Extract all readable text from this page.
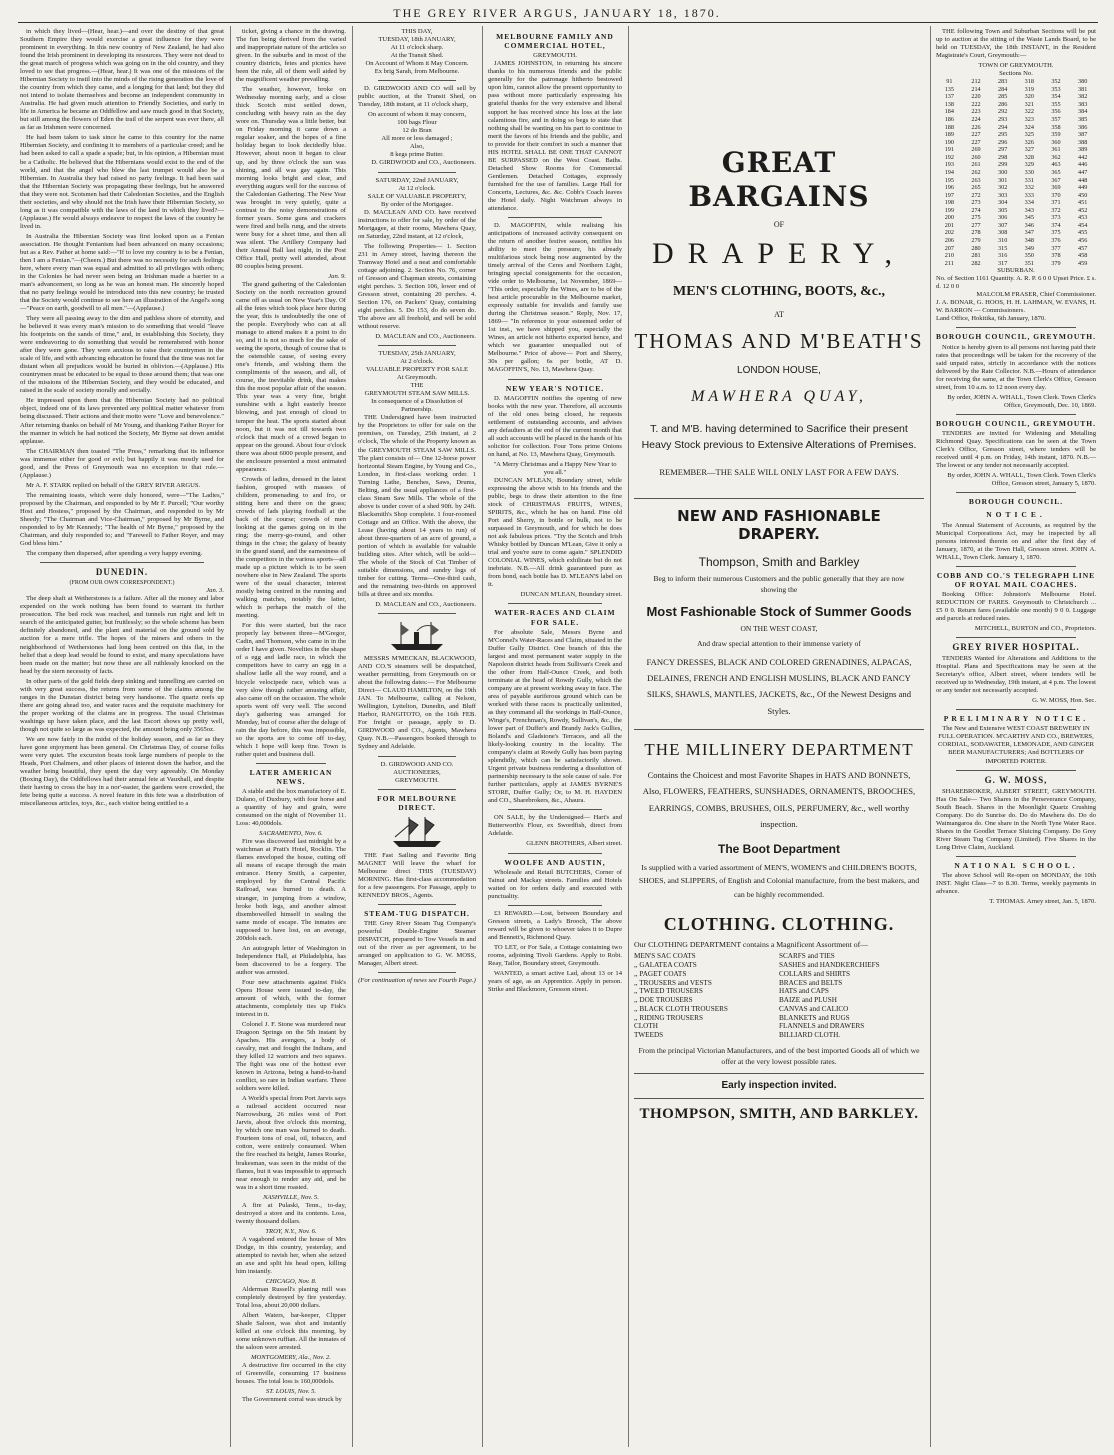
THE GREY RIVER ARGUS, JANUARY 18, 1870.

in which they lived—(Hear, hear.)—and over the destiny of that great Southern Empire they would exercise a great influence for they were prominent in everything. In this new country of New Zealand, he had also found the Irish prominent in developing its resources. They were not dead to the great march of progress which was going on in the old country, and they loved to see that progress.—(Hear, hear.) It was one of the missions of the Hibernian Society to instil into the minds of the rising generation the love of the country from which they came, and a longing for that land; but they did not intend to isolate themselves and become an independent community in Australia. He had given much attention to Friendly Societies, and early in life in America he became an Oddfellow and saw much good in that Society, but still among the flowers of Eden the trail of the serpent was ever there, all as far as Irishmen were concerned.

He had been taken to task since he came to this country for the name Hibernian Society, and confining it to members of a particular creed; and he had been asked to call a spade a spade; but, in his opinion, a Hibernian must be a Catholic. He believed that the Hibernians would exist to the end of the world, and that the angel who blew the last trumpet would also be a Hibernian. In Australia they had raised no party feelings. It had been said that the Hibernian Society was propagating these feelings, but he answered that they were not. Scotsmen had their Caledonian Societies, and the English their societies, and why should not the Irish have their Hibernian Society, so long as it was compatible with the laws of the land in which they lived?—(Applause.) He would always endeavor to respect the laws of the country he lived in.

In Australia the Hibernian Society was first looked upon as a Fenian association. He thought Fenianism had been advanced on many occasions; but as a Rev. Father at home said:—"If to love my country is to be a Fenian, then I am a Fenian."—(Cheers.) But there was no necessity for such feelings here, where every man was equal and admitted to all privileges with others; in the Colonies he had never seen being an Irishman made a barrier to a man's advancement, so long as he was an honest man. He sincerely hoped that no party feelings would be introduced into this new country; he trusted that the Society would continue to see here an illustration of the Angel's song—"Peace on earth, goodwill to all men."—(Applause.)

They were all passing away to the dim and pathless shore of eternity, and he believed it was every man's mission to do something that would "leave his footprints on the sands of time," and, in establishing this Society, they were endeavoring to do something that would be remembered with honor after they were gone. They were anxious to raise their countrymen in the scale of life, and with advancing education he found that the time was not far distant when all prejudices would be buried in oblivion.—(Applause.) His countrymen must be educated to be equal to those around them; that was one of the missions of the Hibernian Society, and they would be educated, and raised in the scale of society morally and socially.

He impressed upon them that the Hibernian Society had no political object, indeed one of its laws prevented any political matter whatever from being discussed. Their actions and their motto were "Love and benevolence." After returning thanks on behalf of Mr Young, and thanking Father Royer for the manner in which he had noticed the Society, Mr Byrne sat down amidst applause.

The CHAIRMAN then toasted "The Press," remarking that its influence was immense either for good or evil; but happily it was mostly used for good, and the Press of Greymouth was no exception to that rule.—(Applause.)

Mr A. F. STARK replied on behalf of the GREY RIVER ARGUS.

The remaining toasts, which were duly honored, were—"The Ladies," proposed by the Chairman, and responded to by Mr F. Purcell; "Our worthy Host and Hostess," proposed by the Chairman, and responded to by Mr Sheedy; "The Chairman and Vice-Chairman," proposed by Mr Byrne, and responded to by Mr Kennedy; "The health of Mr Byrne," proposed by the Chairman, and duly responded to; and "Farewell to Father Royer, and may God bless him."

The company then dispersed, after spending a very happy evening.

DUNEDIN.
(FROM OUR OWN CORRESPONDENT.)
Jan. 3.

The deep shaft at Wetherstones is a failure. After all the money and labor expended on the work nothing has been found to warrant its further prosecution. The bed rock was reached, and tunnels run right and left in search of the anticipated gutter, but fruitlessly; so the whole scheme has been definitely abandoned, and the plant and material on the ground sold by auction for a mere trifle. The hopes of the miners and others in the neighborhood of Wetherstones had long been centred on this flat, in the belief that a deep lead would be found to exist, and many speculations have been made on the matter; but now these are all ruthlessly knocked on the head by the stern necessity of facts.

In other parts of the gold fields deep sinking and tunnelling are carried on with very great success, the returns from some of the claims among the ranges in the Dunstan district being very handsome. The quartz reefs up there are going ahead too, and water races and the requisite machinery for the proper working of the claims are in progress. The usual Christmas washings up have taken place, and the last Escort shows up pretty well, though not quite so large as was expected, the amount being only 3565oz.

We are now fairly in the midst of the holiday season, and as far as they have gone enjoyment has been general. On Christmas Day, of course folks were very quiet. The excursion boats took large numbers of people to the Heads, Port Chalmers, and other places of interest down the harbor, and the weather being beautiful, they spent the day very agreeably. On Monday (Boxing Day), the Oddfellows had their annual fete at Vauxhall, and despite their having to cross the bay in a nor'-easter, the gardens were crowded, the fete being quite a success. A novel feature in this fete was a distribution of miscellaneous articles, toys, &c., each visitor being entitled to a

ticket, giving a chance in the drawing. The fun being derived from the varied and inappropriate nature of the articles so given. In the suburbs and in most of the country districts, fetes and picnics have been the rule, all of them well aided by the magnificent weather prevailing.

The weather, however, broke on Wednesday morning early, and a close thick Scotch mist settled down, concluding with heavy rain as the day wore on. Thursday was a little better, but on Friday morning it came down a regular soaker, and the hopes of a fine holiday began to look decidedly blue. However, about noon it began to clear up, and by three o'clock the sun was shining, and all was gay again. This morning looks bright and clear, and everything augurs well for the success of the Caledonian Gathering. The New Year was brought in very quietly, quite a contrast to the noisy demonstrations of former years. Some guns and crackers were fired and bells rung, and the streets were busy for a short time, and then all was silent. The Artillery Company had their Annual Ball last night, in the Post Office Hall, pretty well attended, about 80 couples being present.

Jan. 9.

The grand gathering of the Caledonian Society on the north recreation ground came off as usual on New Year's Day. Of all the fetes which took place here during the year, this is undoubtedly the one of the people. Everybody who can at all manage to attend makes it a point to do so, and it is not so much for the sake of seeing the sports, though of course that is the ostensible cause, of seeing every one's friends, and wishing them the compliments of the season, and all, of course, the inevitable drink, that makes this the most popular affair of the season. This year was a very fine, bright sunshine with a light easterly breeze blowing, and just enough of cloud to temper the heat. The sports started about noon, but it was not till towards two o'clock that much of a crowd began to appear on the ground. About four o'clock there was about 6000 people present, and the enclosure presented a most animated appearance.

Crowds of ladies, dressed in the latest fashion, grouped with masses of children, promenading to and fro, or sitting here and there on the grass; crowds of lads playing football at the back of the course; crowds of men looking at the games going on in the ring; the merry-go-round, and other things in the c'nse; the galaxy of beauty in the grand stand, and the earnestness of the competitors in the various sports—all made up a picture which is to be seen nowhere else in New Zealand. The sports were of the usual character, interest mostly being centred in the running and walking matches, notably the latter, which is perhaps the match of the meeting.

For this were started, but the race properly lay between three—M'Gregor, Cadin, and Thomson, who came in in the order I have given. Novelties in the shape of a egg and ladle race, in which the competitors have to carry an egg in a shallow ladle all the way round, and a bicycle velocipede race, which was a very slow though rather amusing affair, also came off on the occasion. The whole sports went off very well. The second day's gathering was arranged for Monday, but of course after the deluge of rain the day before, this was impossible, so the sports are to come off to-day, which I hope will keep fine. Town is rather quiet and business dull.

LATER AMERICAN NEWS.

A stable and the box manufactory of E. Dulano, of Duxbury, with four horse and a quantity of hay and grain, were consumed on the night of November 11. Loss: 40,000dols.

SACRAMENTO, Nov. 6.

Fire was discovered last midnight by a watchman at Pratt's Hotel, Rocklin. The flames enveloped the house, cutting off all means of escape through the main entrance. Henry Smith, a carpenter, employed by the Central Pacific Railroad, was burned to death. A stranger, in jumping from a window, broke both legs, and another almost disembowelled himself in sealing the same mode of escape. The inmates are supposed to have lost, on an average, 200dols each.

An autograph letter of Washington in Independence Hall, at Philadelphia, has been discovered to be a forgery. The author was arrested.

Four new attachments against Fisk's Opera House were issued to-day, the amount of which, with the former attachments, completely ties up Fisk's interest in it.

Colonel J. F. Stone was murdered near Dragoon Springs on the 5th instant by Apaches. His avengers, a body of cavalry, met and fought the Indians, and they killed 12 warriors and two squaws. The fight was one of the hottest ever known in Arizona, being a hand-to-hand conflict, so rare in Indian warfare. Three soldiers were killed.

A World's special from Port Jarvis says a railroad accident occurred near Narrowsburg, 26 miles west of Port Jarvis, about five o'clock this morning, by which one man was burned to death. Fourteen tons of coal, oil, tobacco, and cotton, were entirely consumed. When the fire reached its height, James Rourke, brakesman, was seen in the midst of the flames, but it was impossible to approach near enough to render any aid, and he was in a short time roasted.

NASHVILLE, Nov. 5.

A fire at Pulaski, Tenn., to-day, destroyed a store and its contents. Loss, twenty thousand dollars.

TROY, N.Y., Nov. 6.

A vagabond entered the house of Mrs Dodge, in this country, yesterday, and attempted to ravish her, when she seized an axe and split his head open, killing him instantly.

CHICAGO, Nov. 8.

Alderman Russell's planing mill was completely destroyed by fire yesterday. Total loss, about 20,000 dollars.

Albert Waters, bar-keeper, Clipper Shade Saloon, was shot and instantly killed at one o'clock this morning, by some unknown ruffian. All the inmates of the saloon were arrested.

MONTGOMERY, Ala., Nov. 2.

A destructive fire occurred in the city of Greenville, consuming 17 business houses. The total loss is 160,000dols.

ST. LOUIS, Nov. 5.

The Government corral was struck by

THIS DAY,
TUESDAY, 18th JANUARY,
At 11 o'clock sharp.
At the Transit Shed.
On Account of Whom it May Concern.
Ex brig Sarah, from Melbourne.

D. GIRDWOOD AND CO will sell by public auction, at the Transit Shed, on Tuesday, 18th instant, at 11 o'clock sharp,

On account of whom it may concern,
100 bags Flour
12 do Bran
All more or less damaged ;
Also,
8 kegs prime Butter.
D. GIRDWOOD and CO., Auctioneers.
SATURDAY, 22nd JANUARY,
At 12 o'clock.
SALE OF VALUABLE PROPERTY,
By order of the Mortgagee.

D. MACLEAN AND CO. have received instructions to offer for sale, by order of the Mortgagee, at their rooms, Mawhera Quay, on Saturday, 22nd instant, at 12 o'clock,

The following Properties— 1. Section 231 in Arney street, having thereon the Tramway Hotel and a neat and comfortable cottage adjoining. 2. Section No. 76, corner of Gresson and Chapman streets, containing eight perches. 3. Section 106, lower end of Gresson street, containing 20 perches. 4. Section 176, on Packers' Quay, containing eight perches. 5. Do 153, do do seven do. The above are all freehold, and will be sold without reserve.

D. MACLEAN and CO., Auctioneers.
TUESDAY, 25th JANUARY,
At 2 o'clock.
VALUABLE PROPERTY FOR SALE
At Greymouth.
THE
GREYMOUTH STEAM SAW MILLS.
In consequence of a Dissolution of Partnership.

THE Undersigned have been instructed by the Proprietors to offer for sale on the premises, on Tuesday, 25th instant, at 2 o'clock, The whole of the Property known as the GREYMOUTH STEAM SAW MILLS. The plant consists of— One 12-horse power horizontal Steam Engine, by Young and Co., London, in first-class working order. 1 Turning Lathe, Benches, Saws, Drums, Belting, and the usual appliances of a first-class Steam Saw Mills. The whole of the above is under cover of a shed 90ft. by 24ft. Blacksmith's Shop complete. 1 four-roomed Cottage and an Office. With the above, the Lease (having about 14 years to run) of about three-quarters of an acre of ground, a portion of which is available for valuable building sites. After which, will be sold— The whole of the Stock of Cut Timber of suitable dimensions, and sundry logs of timber for cutting. Terms—One-third cash, and the remaining two-thirds on approved bills at three and six months.

D. MACLEAN and CO., Auctioneers.

MESSRS M'MECKAN, BLACKWOOD, AND CO.'S steamers will be despatched, weather permitting, from Greymouth on or about the following dates:— For Melbourne Direct— CLAUD HAMILTON, on the 19th JAN. To Melbourne, calling at Nelson, Wellington, Lyttelton, Dunedin, and Bluff Harbor, RANGITOTO, on the 16th FEB. For freight or passage, apply to D. GIRDWOOD and CO., Agents, Mawhera Quay. N.B.—Passengers booked through to Sydney and Adelaide.

D. GIRDWOOD AND CO.
AUCTIONEERS,
GREYMOUTH.
FOR MELBOURNE DIRECT.

THE Fast Sailing and Favorite Brig MAGNET Will leave the wharf for Melbourne direct THIS (TUESDAY) MORNING. Has first-class accommodation for a few passengers. For Passage, apply to KENNEDY BROS., Agents.

STEAM-TUG DISPATCH.

THE Grey River Steam Tug Company's powerful Double-Engine Steamer DISPATCH, prepared to Tow Vessels in and out of the river as per agreement, to be arranged on application to G. W. MOSS, Manager, Albert street.

(For continuation of news see Fourth Page.)
MELBOURNE FAMILY AND COMMERCIAL HOTEL,
GREYMOUTH.

JAMES JOHNSTON, in returning his sincere thanks to his numerous friends and the public generally for the patronage hitherto bestowed upon him, cannot allow the present opportunity to pass without more particularly expressing his grateful thanks for the very extensive and liberal support he has received since his loss at the late calamitous fire, and in doing so begs to state that nothing shall be wanting on his part to continue to merit the favors of his friends and the public, and to provide for their comfort in such a manner that HIS HOTEL SHALL BE ONE THAT CANNOT BE SURPASSED on the West Coast. Baths. Detached Show Rooms for Commercial Gentlemen. Detached Cottages, expressly furnished for the use of families. Large Hall for Concerts, Lectures, &c. &c. Cobb's Coach leaves the Hotel daily. Night Watchman always in attendance.

D. MAGOFFIN, while realising his anticipations of increased activity consequent on the return of another festive season, notifies his ability to meet the pressure, his already multifarious stock being now augmented by the timely arrival of the Ceres and Northern Light, bringing special consignments for the occasion, vide order to Melbourne, 1st November, 1869— "This order, especially the Wines, are to be of the best article procurable in the Melbourne market, expressly suitable for invalids and family use during the Christmas season." Reply, Nov. 17, 1869— "In reference to your esteemed order of 1st inst., we have shipped you, especially the Wines, an article not hitherto exported hence, and which we guarantee unequalled out of Melbourne." Price of above— Port and Sherry, 30s per gallon; 6s per bottle, AT D. MAGOFFIN'S, No. 13, Mawhera Quay.

NEW YEAR'S NOTICE.

D. MAGOFFIN notifies the opening of new books with the new year. Therefore, all accounts of the old ones being closed, he requests settlement of outstanding accounts, and advises any defaulters at the end of the current month that all such accounts will be placed in the hands of his solicitor for collection. Four Tons prime Onions on hand, at No. 13, Mawhera Quay, Greymouth.

"A Merry Christmas and a Happy New Year to you all."

DUNCAN M'LEAN, Boundary street, while expressing the above wish to his friends and the public, begs to draw their attention to the fine stock of CHRISTMAS FRUITS, WINES, SPIRITS, &c., which he has on hand. Fine old Port and Sherry, in bottle or bulk, not to be surpassed in Greymouth, and for which he does not ask fabulous prices. "Try the Scotch and Irish Whisky bottled by Duncan M'Lean, Give it only a trial and you're sure to come again." SPLENDID COLONIAL WINES, which exhilirate but do not inebriate. N.B.—All drink guaranteed pure as from bond, each bottle has D. M'LEAN'S label on it.

DUNCAN M'LEAN, Boundary street.
WATER-RACES AND CLAIM FOR SALE.

For absolute Sale, Messrs Byrne and M'Connel's Water-Races and Claim, situated in the Duffer Gully District. One branch of this the largest and most permanent water supply in the Napoleon district heads from Sullivan's Creek and the other from Half-Ounce Creek, and both terminate at the head of Rowdy Gully, which the company are at present working away in face. The area of payable auriferous ground which can be worked with these races is practically unlimited, as they command all the workings in Half-Ounce, Winge's, Frenchman's, Rowdy, Sullivan's, &c., the lower part of Duffer's and Brandy Jack's Gullies, Boland's and Gladstone's Terraces, and all the likely-looking country in the locality. The company's claim at Rowdy Gully has been paying splendidly, which can be satisfactorily shown. Urgent private business rendering a dissolution of partnership necessary is the sole cause of sale. For further particulars, apply at JAMES BYRNE'S STORE, Duffer Gully; Or, to M. H. HAYDEN and CO., Sharebrokers, &c., Ahaura.

ON SALE, by the Undersigned— Hart's and Butterworth's Flour, ex Swordfish, direct from Adelaide.

GLENN BROTHERS, Albert street.
WOOLFE AND AUSTIN,

Wholesale and Retail BUTCHERS, Corner of Tainui and Mackay streets. Families and Hotels waited on for orders daily and executed with punctuality.

£3 REWARD.—Lost, between Boundary and Gresson streets, a Lady's Brooch, The above reward will be given to whoever takes it to Dupre and Bennett's, Richmond Quay.

TO LET, or For Sale, a Cottage containing two rooms, adjoining Tivoli Gardens. Apply to Robt. Reay, Tailor, Boundary street, Greymouth.

WANTED, a smart active Lad, about 13 or 14 years of age, as an Apprentice. Apply in person. Strike and Blackmore, Gresson street.

GREAT BARGAINS
OF
DRAPERY,
MEN'S CLOTHING, BOOTS, &c.,
AT
THOMAS AND M'BEATH'S
LONDON HOUSE,
MAWHERA QUAY,
T. and M'B. having determined to Sacrifice their present Heavy Stock previous to Extensive Alterations of Premises.
REMEMBER—THE SALE WILL ONLY LAST FOR A FEW DAYS.
NEW AND FASHIONABLE DRAPERY.
Thompson, Smith and Barkley
Beg to inform their numerous Customers and the public generally that they are now showing the
Most Fashionable Stock of Summer Goods
ON THE WEST COAST,
And draw special attention to their immense variety of
FANCY DRESSES, BLACK AND COLORED GRENADINES, ALPACAS, DELAINES, FRENCH AND ENGLISH MUSLINS, BLACK AND FANCY SILKS, SHAWLS, MANTLES, JACKETS, &c., Of the Newest Designs and Styles.
THE MILLINERY DEPARTMENT
Contains the Choicest and most Favorite Shapes in HATS AND BONNETS, Also, FLOWERS, FEATHERS, SUNSHADES, ORNAMENTS, BROOCHES, EARRINGS, COMBS, BRUSHES, OILS, PERFUMERY, &c., well worthy inspection.
The Boot Department
Is supplied with a varied assortment of MEN'S, WOMEN'S and CHILDREN'S BOOTS, SHOES, and SLIPPERS, of English and Colonial manufacture, from the best makers, and can be highly recommended.
CLOTHING. CLOTHING.
Our CLOTHING DEPARTMENT contains a Magnificent Assortment of—
MEN'S SAC COATS
,, GALATEA COATS
,, PAGET COATS
,, TROUSERS and VESTS
,, TWEED TROUSERS
,, DOE TROUSERS
,, BLACK CLOTH TROUSERS
,, RIDING TROUSERS
CLOTH
TWEEDS
SCARFS and TIES
SASHES and HANDKERCHIEFS
COLLARS and SHIRTS
BRACES and BELTS
HATS and CAPS
BAIZE and PLUSH
CANVAS and CALICO
BLANKETS and RUGS
FLANNELS and DRAWERS
BILLIARD CLOTH.
From the principal Victorian Manufacturers, and of the best imported Goods all of which we offer at the very lowest possible rates.
Early inspection invited.
THOMPSON, SMITH, AND BARKLEY.

THE following Town and Suburban Sections will be put up to auction at the sitting of the Waste Lands Board, to be held on TUESDAY, the 18th INSTANT, in the Resident Magistrate's Court, Greymouth:—

TOWN OF GREYMOUTH.
Sections No.
91	212	283	318	352	380
135	214	284	319	353	381
137	220	285	320	354	382
138	222	286	321	355	383
184	223	292	322	356	384
186	224	293	323	357	385
188	226	294	324	358	386
189	227	295	325	359	387
190	227	296	326	360	388
191	269	297	327	361	389
192	260	298	328	362	442
193	261	299	329	463	446
194	262	300	330	365	447
195	263	301	331	367	448
196	265	302	332	369	449
197	272	303	333	370	450
198	273	304	334	371	451
199	274	305	343	372	452
200	275	306	345	373	453
201	277	307	346	374	454
202	278	308	347	375	455
206	279	310	348	376	456
207	280	315	349	377	457
210	281	316	350	378	458
211	282	317	351	379	459
SUBURBAN.
No. of Section 1161 Quantity. A. R. P. 6 0 0 Upset Price. £ s. d. 12 0 0
MALCOLM FRASER, Chief Commissioner.
J. A. BONAR, G. HOOS, H. H. LAHMAN, W. EVANS, H. W. BARRON — Commissioners.
Land Office, Hokitika, 6th January, 1870.
BOROUGH COUNCIL, GREYMOUTH.

Notice is hereby given to all persons not having paid their rates that proceedings will be taken for the recovery of the said unpaid rates, strictly in accordance with the notices delivered by the Rate Collector. N.B.—Hours of attendance for receiving the same, at the Town Clerk's Office, Gresson street, from 10 a.m. to 12 noon every day.

By order, JOHN A. WHALL, Town Clerk. Town Clerk's Office, Greymouth, Dec. 10, 1869.
BOROUGH COUNCIL, GREYMOUTH.

TENDERS are invited for Widening and Metalling Richmond Quay. Specifications can be seen at the Town Clerk's Office, Gresson street, where tenders will be received until 4 p.m. on Friday, 14th instant, 1870. N.B.—The lowest or any tender not necessarily accepted.

By order, JOHN A. WHALL, Town Clerk. Town Clerk's Office, Gresson street, January 5, 1870.
BOROUGH COUNCIL.
NOTICE.

The Annual Statement of Accounts, as required by the Municipal Corporations Act, may be inspected by all persons interested therein on and after the first day of January, 1870, at the Town Hall, Gresson street. JOHN A. WHALL, Town Clerk. January 1, 1870.

COBB AND CO.'S TELEGRAPH LINE OF ROYAL MAIL COACHES.

Booking Office: Johnston's Melbourne Hotel. REDUCTION OF FARES. Greymouth to Christchurch ... £5 0 0. Return fares (available one month) 9 0 0. Luggage and parcels at reduced rates.

MITCHELL, BURTON and CO., Proprietors.
GREY RIVER HOSPITAL.

TENDERS Wanted for Alterations and Additions to the Hospital. Plans and Specifications may be seen at the Secretary's office, Albert street, where tenders will be received up to Wednesday, 19th instant, at 4 p.m. The lowest or any tender not necessarily accepted.

G. W. MOSS, Hon. Sec.
PRELIMINARY NOTICE.

The New and Extensive WEST COAST BREWERY IN FULL OPERATION. M'CARTHY AND CO., BREWERS, CORDIAL, SODAWATER, LEMONADE, AND GINGER BEER MANUFACTURERS; And BOTTLERS OF IMPORTED PORTER.

G. W. MOSS,

SHAREBROKER, ALBERT STREET, GREYMOUTH. Has On Sale— Two Shares in the Perseverance Company, South Beach. Shares in the Moonlight Quartz Crushing Company. Do do Sunrise do. Do do Mawhera do. Do do Waimangaroa do. One share in the North Tyne Water Race. Shares in the Goodlet Terrace Sluicing Company. Do Grey River Steam Tug Company (Limited). Five Shares in the Long Drive Claim, Auckland.

NATIONAL SCHOOL.

The above School will Re-open on MONDAY, the 10th INST. Night Class—7 to 8.30. Terms, weekly payments in advance.

T. THOMAS. Arney street, Jan. 5, 1870.
